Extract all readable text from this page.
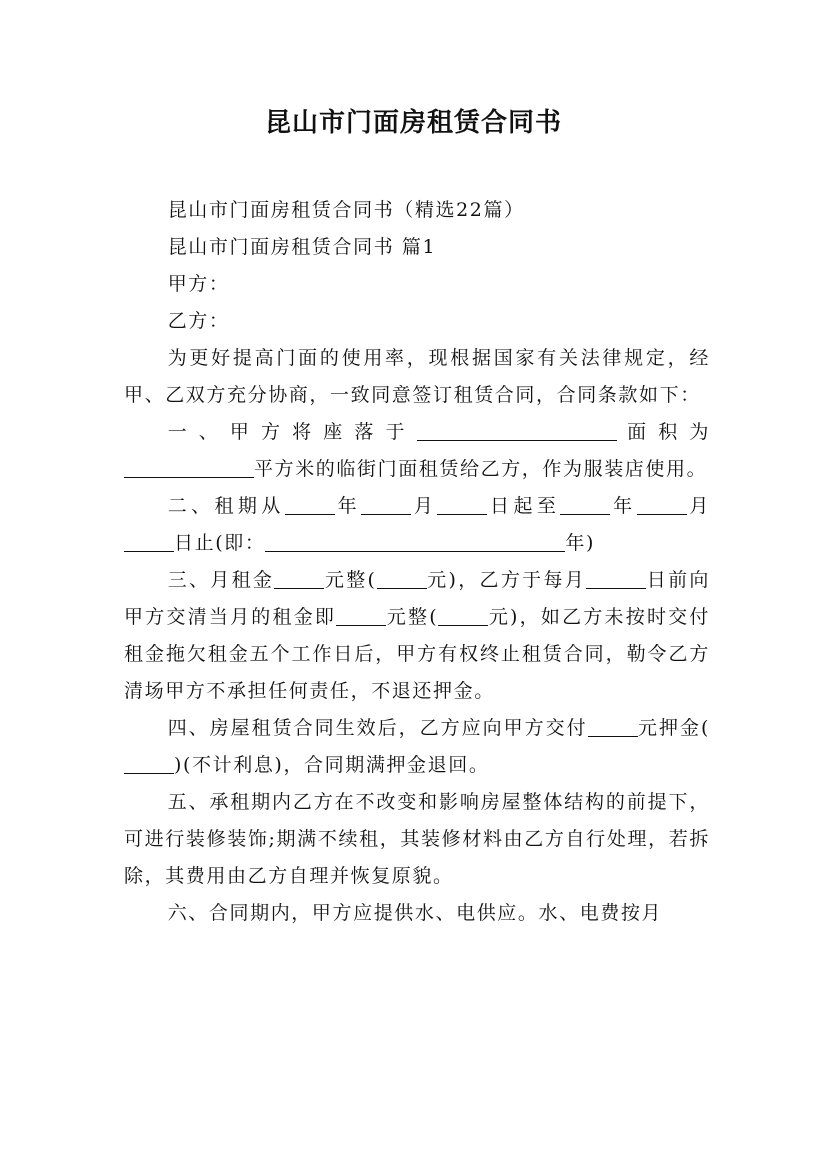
昆山市门面房租赁合同书

昆山市门面房租赁合同书（精选22篇）

昆山市门面房租赁合同书 篇1

甲方：

乙方：

为更好提高门面的使用率，现根据国家有关法律规定，经甲、乙双方充分协商，一致同意签订租赁合同，合同条款如下：

一、甲方将座落于	面积为平方米的临街门面租赁给乙方，作为服装店使用。

二、租期从	年	月	日起至	年	月日止(即：	年)

三、月租金	元整(	元)，乙方于每月	日前向甲方交清当月的租金即	元整(	元)，如乙方未按时交付租金拖欠租金五个工作日后，甲方有权终止租赁合同，勒令乙方清场甲方不承担任何责任，不退还押金。

四、房屋租赁合同生效后，乙方应向甲方交付	元押金()(不计利息)，合同期满押金退回。

五、承租期内乙方在不改变和影响房屋整体结构的前提下，可进行装修装饰;期满不续租，其装修材料由乙方自行处理，若拆除，其费用由乙方自理并恢复原貌。

六、合同期内，甲方应提供水、电供应。水、电费按月
